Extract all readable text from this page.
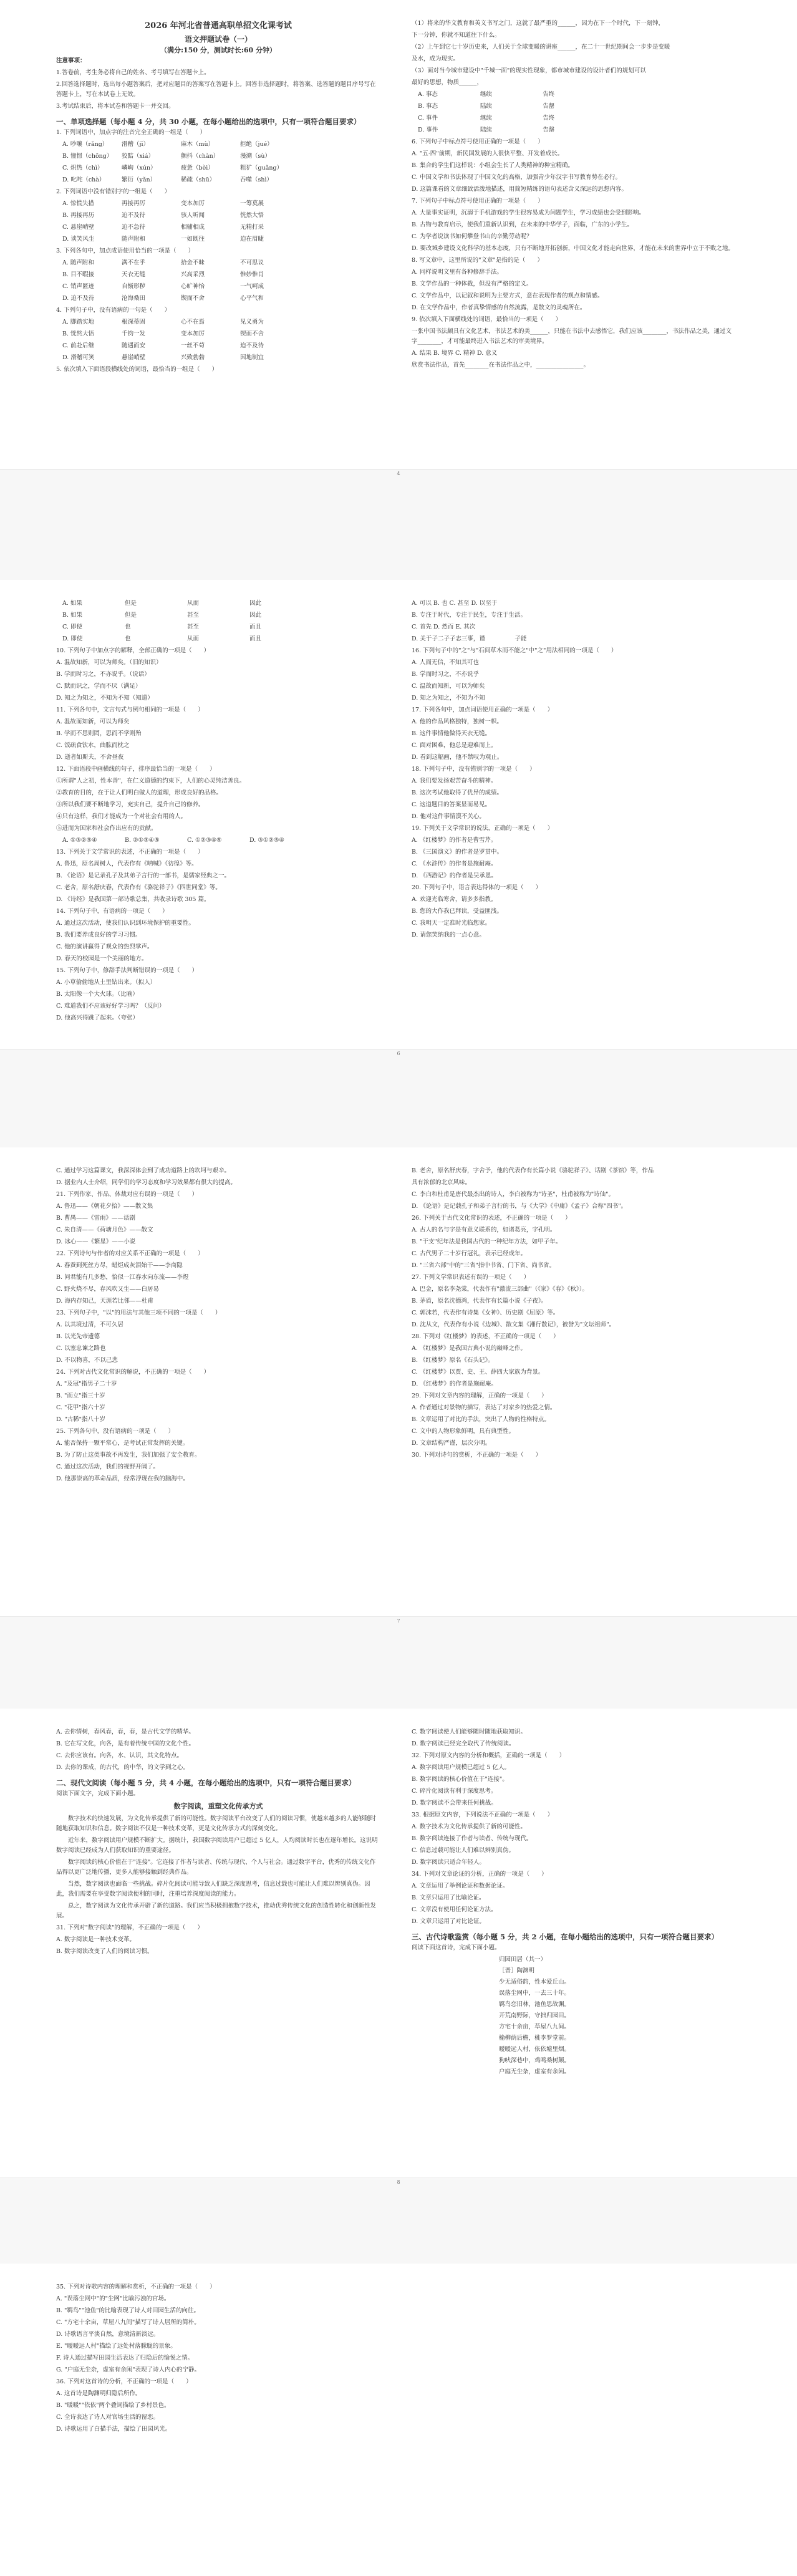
2026 年河北省普通高职单招文化课考试
语文押题试卷（一）
（满分:150 分，测试时长:60 分钟）

注意事项：

1.答卷前，考生务必将自己的姓名、考号填写在答题卡上。

2.回答选择题时，选出每小题答案后，把对应题目的答案写在答题卡上。回答非选择题时，将答案、选答题的题目序号写在答题卡上，写在本试卷上无效。

3.考试结束后，将本试卷和答题卡一并交回。

一、单项选择题（每小题 4 分，共 30 小题，在每小题给出的选项中，只有一项符合题目要求）

1. 下列词语中，加点字的注音完全正确的一组是（　　）

A. 吵嚷（rǎng）	滑稽（jī）	麻木（mù）	拒绝（jué）
B. 憧憬（chōng）	狡黠（xiá）	颤抖（chàn）	漫溯（sù）
C. 炽热（chì）	嶙峋（xún）	疲惫（bèi）	粗犷（guǎng）
D. 叱咤（chà）	繁衍（yǎn）	稀疏（shū）	吞噬（shì）

2. 下列词语中没有错别字的一组是（　　）

A. 惊慌失措	再接再厉	变本加厉	一筹莫展
B. 再接再历	迫不及待	骇人听闻	恍然大悟
C. 悬崖峭壁	迫不急待	相辅相成	无精打采
D. 谈笑风生	随声附和	一如既往	迫在眉睫

3. 下列各句中，加点成语使用恰当的一项是（　　）

A. 随声附和	满不在乎	拾金不昧	不可思议
B. 目不暇接	天衣无缝	兴高采烈	惟妙惟肖
C. 销声匿迹	自惭形秽	心旷神怡	一气呵成
D. 迫不及待	沧海桑田	锲而不舍	心平气和

4. 下列句子中，没有语病的一句是（　　）

A. 脚踏实地	根深蒂固	心不在焉	见义勇为
B. 恍然大悟	千钧一发	变本加厉	锲而不舍
C. 前赴后继	随遇而安	一丝不苟	迫不及待
D. 滑稽可笑	悬崖峭壁	兴致勃勃	因地制宜

5. 依次填入下面语段横线处的词语，最恰当的一组是（　　）

（1）将来的华文教育和英文书写之门，这就了最严重的______，因为在下一个时代，下一刻钟，

下一分钟，你就不知道往下什么。

（2）上午到它七十岁历史来，人们关于全球变暖的讲座______，在二十一世纪期间会一步步是变暖

及水，成为现实。

（3）面对当今城市建设中"千城一面"的现实性现象，都市城市建设的设计者们的规划可以

最好的思想，物质______，

A. 事态	继续	告终
B. 事态	陆续	告罄
C. 事件	继续	告终
D. 事件	陆续	告罄

6. 下列句子中标点符号使用正确的一项是（　　）

A. "五·四"前期，新民国发展的人很快平整、开发着成长。

B. 集合的学生们这样说：小组会生长了人类精神的种宝精确。

C. 中国文学和书法体现了中国文化的高格，加强青少年汉字书写教育势在必行。

D. 这篇课看的文章细致活泼地描述，用简短精练的语句表述含义深远的思想内容。

7. 下列句子中标点符号使用正确的一项是（　　）

A. 大量事实证明，沉溺于手机游戏的学生很容易成为问题学生，学习成绩也会受到影响。

B. 古物与教育启示，使我们重新认识到，在未来的中华学子，面临，广东的小学生。

C. 为学者说读书如何攀登书山的辛勤劳动呢？

D. 要改城乡建设文化科学的基本态度，只有不断地开拓创新，中国文化才能走向世界，才能在未来的世界中立于不败之地。

8. 写文章中，这里所说的"文章"是指的是（　　）

A. 同样说明文里有各种修辞手法。

B. 文学作品的一种体裁，但没有严格的定义。

C. 文学作品中，以记叙和说明为主要方式，意在表现作者的观点和情感。

D. 在文学作品中，作者真挚情感的自然流露，是散文的灵魂所在。

9. 依次填入下面横线处的词语，最恰当的一项是（　　）

一张中国书法颇具有文化艺术，书法艺术的美______，只能在书法中去感悟它，我们应该________，书法作品之美，通过文字________，才可能最终进入书法艺术的审美境界。

A. 结果 B. 境界 C. 精神 D. 意义

欣赏书法作品，首先________在书法作品之中，________________。

4
A. 如果	但是	从而	因此
B. 如果	但是	甚至	因此
C. 即使	也	甚至	而且
D. 即使	也	从而	而且

10. 下列句子中加点字的解释，全部正确的一项是（　　）

A. 温故知新，可以为师矣。（旧的知识）

B. 学而时习之，不亦说乎。（说话）

C. 默而识之，学而不厌（满足）

D. 知之为知之，不知为不知（知道）

11. 下列各句中，文言句式与例句相同的一项是（　　）

A. 温故而知新，可以为师矣

B. 学而不思则罔，思而不学则殆

C. 饭疏食饮水，曲肱而枕之

D. 逝者如斯夫，不舍昼夜

12. 下面语段中画横线的句子，排序最恰当的一项是（　　）

①所谓"人之初，性本善"，在仁义道德的约束下，人们的心灵纯洁善良。

②教育的目的，在于让人们明白做人的道理，形成良好的品格。

③所以我们要不断地学习，充实自己，提升自己的修养。

④只有这样，我们才能成为一个对社会有用的人。

⑤进而为国家和社会作出应有的贡献。

A. ①③②⑤④	B. ②①③④⑤	C. ①②③④⑤	D. ③①②⑤④

13. 下列关于文学常识的表述，不正确的一项是（　　）

A. 鲁迅，原名周树人，代表作有《呐喊》《彷徨》等。

B. 《论语》是记录孔子及其弟子言行的一部书，是儒家经典之一。

C. 老舍，原名舒庆春，代表作有《骆驼祥子》《四世同堂》等。

D. 《诗经》是我国第一部诗歌总集，共收录诗歌 305 篇。

14. 下列句子中，有语病的一项是（　　）

A. 通过这次活动，使我们认识到环境保护的重要性。

B. 我们要养成良好的学习习惯。

C. 他的演讲赢得了观众的热烈掌声。

D. 春天的校园是一个美丽的地方。

15. 下列句子中，修辞手法判断错误的一项是（　　）

A. 小草偷偷地从土里钻出来。（拟人）

B. 太阳像一个大火球。（比喻）

C. 难道我们不应该好好学习吗？（反问）

D. 他高兴得跳了起来。（夸张）

A. 可以 B. 也 C. 甚至 D. 以至于

B. 专注于时代，专注于民生，专注于生活。

C. 首先 D. 然而 E. 其次

D. 关于子二子子志三事，谨　　　　　子能

16. 下列句子中的"之"与"石间草木而不能之"中"之"用法相同的一项是（　　）

A. 人而无信，不知其可也

B. 学而时习之，不亦说乎

C. 温故而知新，可以为师矣

D. 知之为知之，不知为不知

17. 下列各句中，加点词语使用正确的一项是（　　）

A. 他的作品风格独特，独树一帜。

B. 这件事情他做得天衣无缝。

C. 面对困难，他总是迎难而上。

D. 看到这幅画，他不禁叹为观止。

18. 下列句子中，没有错别字的一项是（　　）

A. 我们要发扬艰苦奋斗的精神。

B. 这次考试他取得了优异的成绩。

C. 这道题目的答案显而易见。

D. 他对这件事情漠不关心。

19. 下列关于文学常识的说法，正确的一项是（　　）

A. 《红楼梦》的作者是曹雪芹。

B. 《三国演义》的作者是罗贯中。

C. 《水浒传》的作者是施耐庵。

D. 《西游记》的作者是吴承恩。

20. 下列句子中，语言表达得体的一项是（　　）

A. 欢迎光临寒舍，请多多指教。

B. 您的大作我已拜读，受益匪浅。

C. 我明天一定准时光临您家。

D. 请您笑纳我的一点心意。

6

C. 通过学习这篇课文，我深深体会到了成功道路上的坎坷与艰辛。

D. 据业内人士介绍，同学们的学习态度和学习效果都有很大的提高。

21. 下列作家、作品、体裁对应有误的一项是（　　）

A. 鲁迅——《朝花夕拾》——散文集

B. 曹禺——《雷雨》——话剧

C. 朱自清——《荷塘月色》——散文

D. 冰心——《繁星》——小说

22. 下列诗句与作者的对应关系不正确的一项是（　　）

A. 春蚕到死丝方尽，蜡炬成灰泪始干——李商隐

B. 问君能有几多愁，恰似一江春水向东流——李煜

C. 野火烧不尽，春风吹又生——白居易

D. 海内存知己，天涯若比邻——杜甫

23. 下列句子中，"以"的用法与其他三项不同的一项是（　　）

A. 以其境过清，不可久居

B. 以光先帝遗德

C. 以塞忠谏之路也

D. 不以物喜，不以己悲

24. 下列对古代文化常识的解说，不正确的一项是（　　）

A. "及冠"指男子二十岁

B. "而立"指三十岁

C. "花甲"指六十岁

D. "古稀"指八十岁

25. 下列各句中，没有语病的一项是（　　）

A. 能否保持一颗平常心，是考试正常发挥的关键。

B. 为了防止这类事故不再发生，我们加强了安全教育。

C. 通过这次活动，我们的视野开阔了。

D. 他那崇高的革命品质，经常浮现在我的脑海中。

B. 老舍，原名舒庆春，字舍予，他的代表作有长篇小说《骆驼祥子》、话剧《茶馆》等，作品

具有浓郁的北京风味。

C. 李白和杜甫是唐代最杰出的诗人，李白被称为"诗圣"，杜甫被称为"诗仙"。

D. 《论语》是记载孔子和弟子言行的书，与《大学》《中庸》《孟子》合称"四书"。

26. 下列关于古代文化常识的表述，不正确的一项是（　　）

A. 古人的名与字是有意义联系的，如诸葛亮，字孔明。

B. "干支"纪年法是我国古代的一种纪年方法，如甲子年。

C. 古代男子二十岁行冠礼，表示已经成年。

D. "三省六部"中的"三省"指中书省、门下省、尚书省。

27. 下列文学常识表述有误的一项是（　　）

A. 巴金，原名李尧棠，代表作有"激流三部曲"（《家》《春》《秋》）。

B. 茅盾，原名沈德鸿，代表作有长篇小说《子夜》。

C. 郭沫若，代表作有诗集《女神》、历史剧《屈原》等。

D. 沈从文，代表作有小说《边城》、散文集《湘行散记》，被誉为"文坛祖师"。

28. 下列对《红楼梦》的表述，不正确的一项是（　　）

A. 《红楼梦》是我国古典小说的巅峰之作。

B. 《红楼梦》原名《石头记》。

C. 《红楼梦》以贾、史、王、薛四大家族为背景。

D. 《红楼梦》的作者是施耐庵。

29. 下列对文章内容的理解，正确的一项是（　　）

A. 作者通过对景物的描写，表达了对家乡的热爱之情。

B. 文章运用了对比的手法，突出了人物的性格特点。

C. 文中的人物形象鲜明，具有典型性。

D. 文章结构严谨，层次分明。

30. 下列对诗句的赏析，不正确的一项是（　　）

7

A. 去你情树，春风春，春，春，是古代文学的精华。

B. 它在写文化，向各，是有着传统中国的文化个性。

C. 去你应该有。向各，水、认识，其文化特点。

D. 去你的课成，的古代，的中华，的文学到之心。

二、现代文阅读（每小题 5 分，共 4 小题，在每小题给出的选项中，只有一项符合题目要求）

阅读下面文字，完成下面小题。

数字阅读，重塑文化传承方式

数字技术的快速发展，为文化传承提供了新的可能性。数字阅读平台改变了人们的阅读习惯，使越来越多的人能够随时随地获取知识和信息。数字阅读不仅是一种技术变革，更是文化传承方式的深刻变化。

近年来，数字阅读用户规模不断扩大。据统计，我国数字阅读用户已超过 5 亿人，人均阅读时长也在逐年增长。这说明数字阅读已经成为人们获取知识的重要途径。

数字阅读的核心价值在于"连接"。它连接了作者与读者、传统与现代、个人与社会。通过数字平台，优秀的传统文化作品得以更广泛地传播，更多人能够接触到经典作品。

当然，数字阅读也面临一些挑战。碎片化阅读可能导致人们缺乏深度思考，信息过载也可能让人们难以辨别真伪。因此，我们需要在享受数字阅读便利的同时，注重培养深度阅读的能力。

总之，数字阅读为文化传承开辟了新的道路。我们应当积极拥抱数字技术，推动优秀传统文化的创造性转化和创新性发展。

31. 下列对"数字阅读"的理解，不正确的一项是（　　）

A. 数字阅读是一种技术变革。

B. 数字阅读改变了人们的阅读习惯。

C. 数字阅读使人们能够随时随地获取知识。

D. 数字阅读已经完全取代了传统阅读。

32. 下列对原文内容的分析和概括，正确的一项是（　　）

A. 数字阅读用户规模已超过 5 亿人。

B. 数字阅读的核心价值在于"连接"。

C. 碎片化阅读有利于深度思考。

D. 数字阅读不会带来任何挑战。

33. 根据原文内容，下列说法不正确的一项是（　　）

A. 数字技术为文化传承提供了新的可能性。

B. 数字阅读连接了作者与读者、传统与现代。

C. 信息过载可能让人们难以辨别真伪。

D. 数字阅读只适合年轻人。

34. 下列对文章论证的分析，正确的一项是（　　）

A. 文章运用了举例论证和数据论证。

B. 文章只运用了比喻论证。

C. 文章没有使用任何论证方法。

D. 文章只运用了对比论证。

三、古代诗歌鉴赏（每小题 5 分，共 2 小题，在每小题给出的选项中，只有一项符合题目要求）

阅读下面这首诗，完成下面小题。

归园田居（其一）

［晋］陶渊明

少无适俗韵，性本爱丘山。

误落尘网中，一去三十年。

羁鸟恋旧林，池鱼思故渊。

开荒南野际，守拙归园田。

方宅十余亩，草屋八九间。

榆柳荫后檐，桃李罗堂前。

暧暧远人村，依依墟里烟。

狗吠深巷中，鸡鸣桑树颠。

户庭无尘杂，虚室有余闲。

8

35. 下列对诗歌内容的理解和赏析，不正确的一项是（　　）

A. "误落尘网中"的"尘网"比喻污浊的官场。

B. "羁鸟""池鱼"的比喻表现了诗人对田园生活的向往。

C. "方宅十余亩，草屋八九间"描写了诗人居所的简朴。

D. 诗歌语言平淡自然，意境清新淡远。

E. "暧暧远人村"描绘了远处村落朦胧的景象。

F. 诗人通过描写田园生活表达了归隐后的愉悦之情。

G. "户庭无尘杂，虚室有余闲"表现了诗人内心的宁静。

36. 下列对这首诗的分析，不正确的一项是（　　）

A. 这首诗是陶渊明归隐后所作。

B. "暖暖""依依"两个叠词描绘了乡村景色。

C. 全诗表达了诗人对官场生活的留恋。

D. 诗歌运用了白描手法，描绘了田园风光。
